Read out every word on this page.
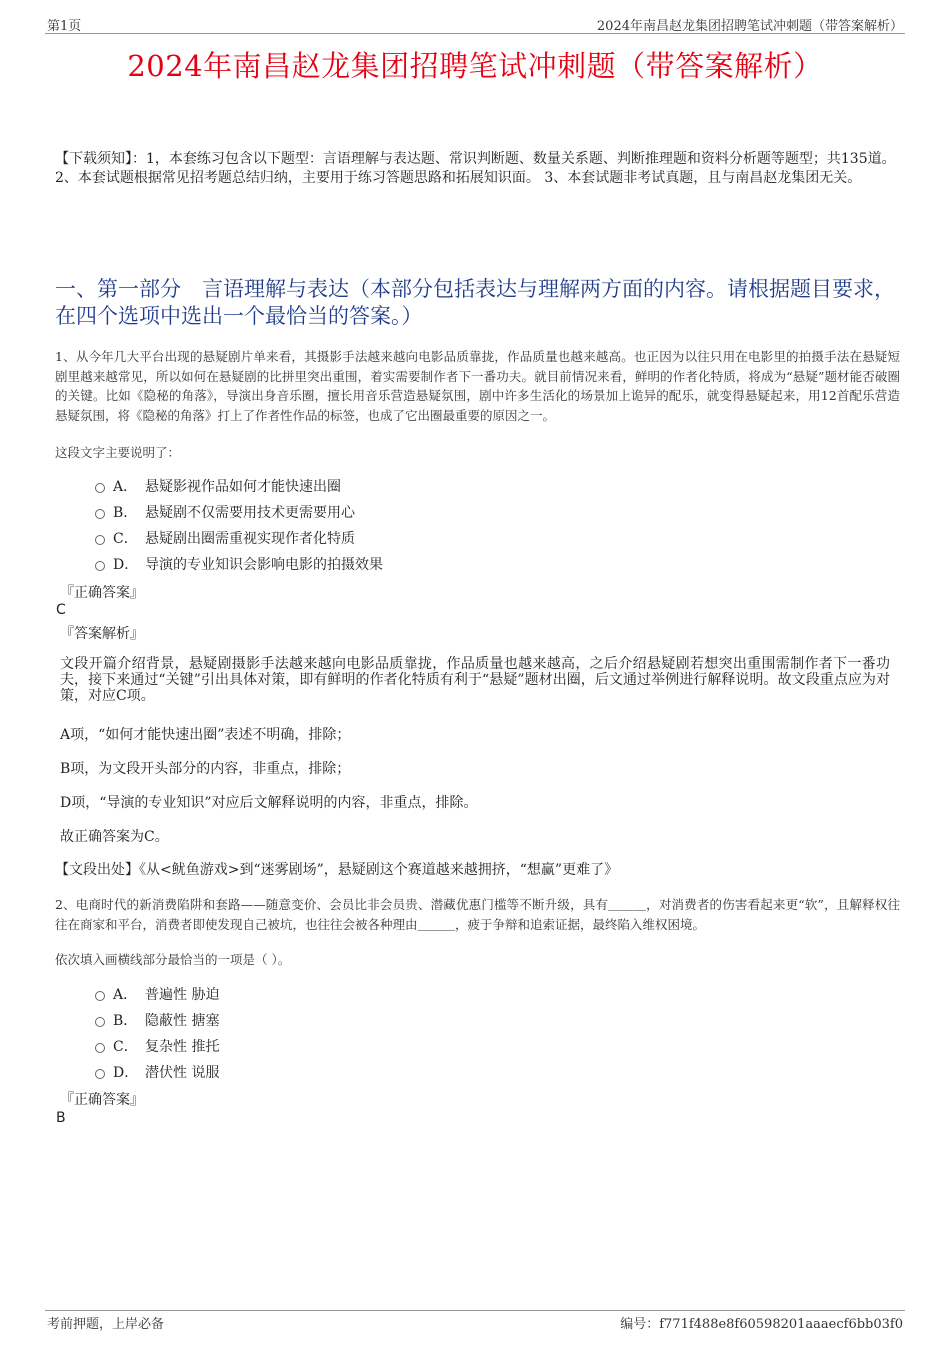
第1页	2024年南昌赵龙集团招聘笔试冲刺题（带答案解析）
2024年南昌赵龙集团招聘笔试冲刺题（带答案解析）
【下载须知】：1，本套练习包含以下题型：言语理解与表达题、常识判断题、数量关系题、判断推理题和资料分析题等题型；共135道。 2、本套试题根据常见招考题总结归纳，主要用于练习答题思路和拓展知识面。 3、本套试题非考试真题，且与南昌赵龙集团无关。
一、第一部分　言语理解与表达（本部分包括表达与理解两方面的内容。请根据题目要求，在四个选项中选出一个最恰当的答案。）
1、从今年几大平台出现的悬疑剧片单来看，其摄影手法越来越向电影品质靠拢，作品质量也越来越高。也正因为以往只用在电影里的拍摄手法在悬疑短剧里越来越常见，所以如何在悬疑剧的比拼里突出重围，着实需要制作者下一番功夫。就目前情况来看，鲜明的作者化特质，将成为“悬疑”题材能否破圈的关键。比如《隐秘的角落》，导演出身音乐圈，擅长用音乐营造悬疑氛围，剧中许多生活化的场景加上诡异的配乐，就变得悬疑起来，用12首配乐营造悬疑氛围，将《隐秘的角落》打上了作者性作品的标签，也成了它出圈最重要的原因之一。
这段文字主要说明了：
A． 悬疑影视作品如何才能快速出圈
B． 悬疑剧不仅需要用技术更需要用心
C． 悬疑剧出圈需重视实现作者化特质
D． 导演的专业知识会影响电影的拍摄效果
『正确答案』
C
『答案解析』
文段开篇介绍背景，悬疑剧摄影手法越来越向电影品质靠拢，作品质量也越来越高，之后介绍悬疑剧若想突出重围需制作者下一番功夫，接下来通过“关键”引出具体对策，即有鲜明的作者化特质有利于“悬疑”题材出圈，后文通过举例进行解释说明。故文段重点应为对策，对应C项。
A项，“如何才能快速出圈”表述不明确，排除；
B项，为文段开头部分的内容，非重点，排除；
D项，“导演的专业知识”对应后文解释说明的内容，非重点，排除。
故正确答案为C。
【文段出处】《从<鱿鱼游戏>到“迷雾剧场”，悬疑剧这个赛道越来越拥挤，“想赢”更难了》
2、电商时代的新消费陷阱和套路——随意变价、会员比非会员贵、潜藏优惠门槛等不断升级，具有＿＿＿，对消费者的伤害看起来更“软”，且解释权往往在商家和平台，消费者即使发现自己被坑，也往往会被各种理由＿＿＿，疲于争辩和追索证据，最终陷入维权困境。
依次填入画横线部分最恰当的一项是（ ）。
A． 普遍性 胁迫
B． 隐蔽性 搪塞
C． 复杂性 推托
D． 潜伏性 说服
『正确答案』
B
考前押题，上岸必备	编号：f771f488e8f60598201aaaecf6bb03f0
